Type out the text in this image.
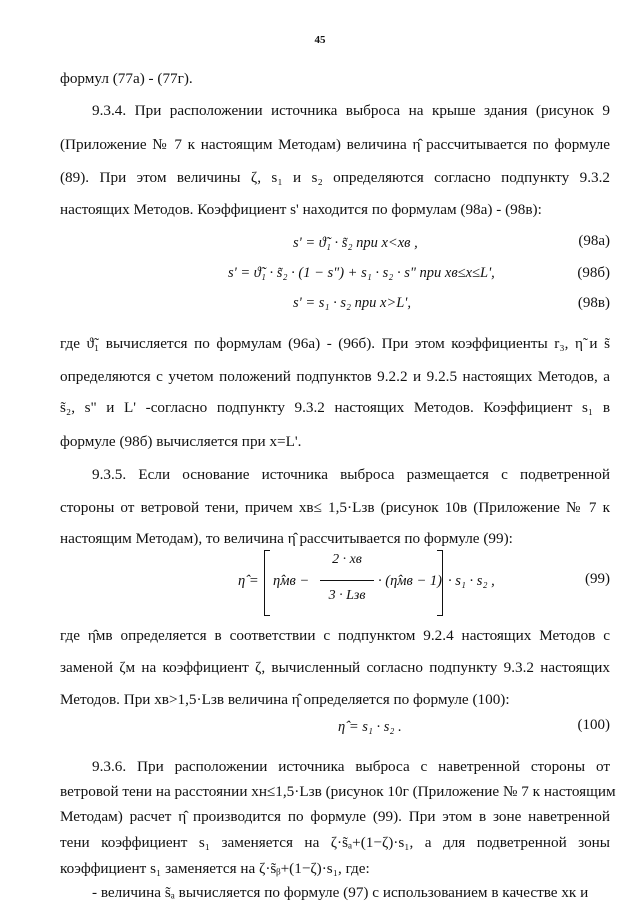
45
формул (77а) - (77г).
9.3.4. При расположении источника выброса на крыше здания (рисунок 9
(Приложение № 7 к настоящим Методам) величина η̂ рассчитывается по формуле
(89). При этом величины ζ, s₁ и s₂ определяются согласно подпункту 9.3.2
настоящих Методов. Коэффициент s' находится по формулам (98а) - (98в):
s' = ϑ̃₁ · s̃₂ при x<xв ,	(98а)
s' = ϑ̃₁ · s̃₂ · (1 − s") + s₁ · s₂ · s" при xв≤x≤L',	(98б)
s' = s₁ · s₂ при x>L',	(98в)
где ϑ̃₁ вычисляется по формулам (96а) - (96б). При этом коэффициенты r₃, η̃ и s̃
определяются с учетом положений подпунктов 9.2.2 и 9.2.5 настоящих Методов, а
s̃₂, s" и L' -согласно подпункту 9.3.2 настоящих Методов. Коэффициент s₁ в
формуле (98б) вычисляется при x=L'.
9.3.5. Если основание источника выброса размещается с подветренной
стороны от ветровой тени, причем xв≤ 1,5·Lзв (рисунок 10в (Приложение № 7 к
настоящим Методам), то величина η̂ рассчитывается по формуле (99):
η̂ = η̂мв −
2 · xв
3 · Lзв
· (η̂мв − 1) · s₁ · s₂ ,	(99)
где η̂мв определяется в соответствии с подпунктом 9.2.4 настоящих Методов с
заменой ζм на коэффициент ζ, вычисленный согласно подпункту 9.3.2 настоящих
Методов. При xв>1,5·Lзв величина η̂ определяется по формуле (100):
η̂ = s₁ · s₂ .	(100)
9.3.6. При расположении источника выброса с наветренной стороны от
ветровой тени на расстоянии xн≤1,5·Lзв (рисунок 10г (Приложение № 7 к настоящим
Методам) расчет η̂ производится по формуле (99). При этом в зоне наветренной
тени коэффициент s₁ заменяется на ζ·s̃ₐ+(1−ζ)·s₁, а для подветренной зоны
коэффициент s₁ заменяется на ζ·s̃ᵦ+(1−ζ)·s₁, где:
- величина s̃ₐ вычисляется по формуле (97) с использованием в качестве xк и
